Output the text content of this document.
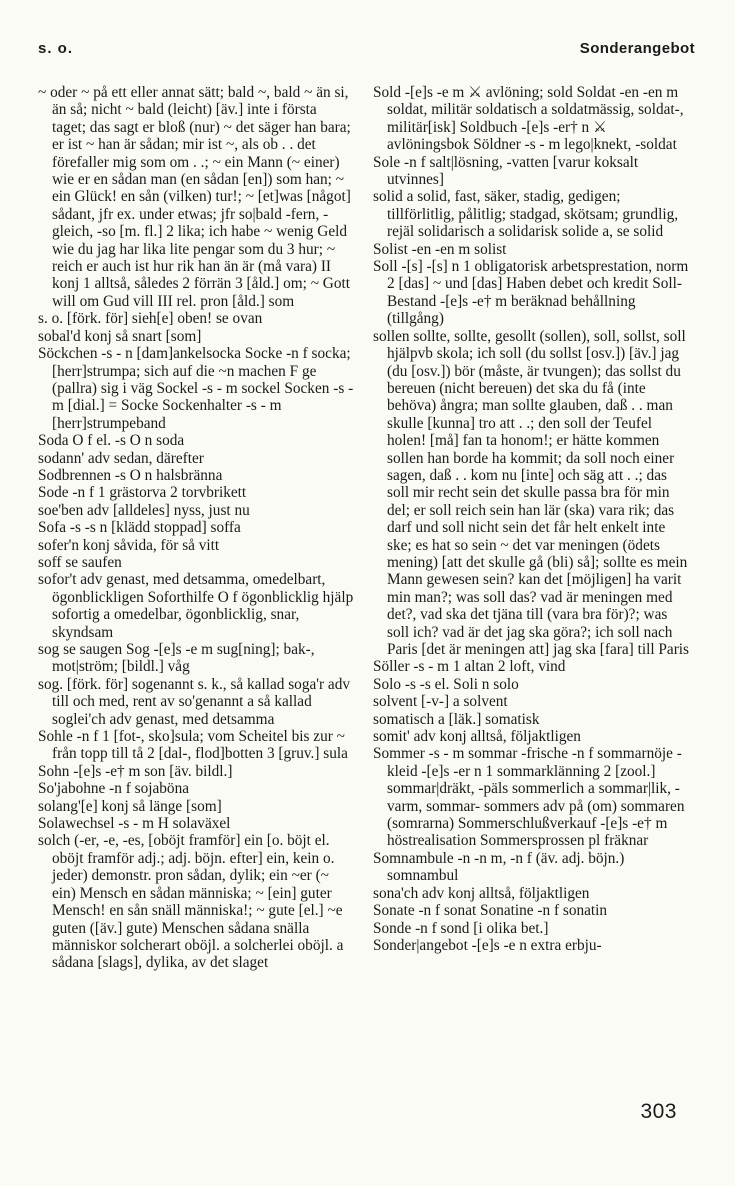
s. o.	Sonderangebot

~ oder ~ på ett eller annat sätt; bald ~, bald ~ än si, än så; nicht ~ bald (leicht) [äv.] inte i första taget; das sagt er bloß (nur) ~ det säger han bara; er ist ~ han är sådan; mir ist ~, als ob . . det förefaller mig som om . .; ~ ein Mann (~ einer) wie er en sådan man (en sådan [en]) som han; ~ ein Glück! en sån (vilken) tur!; ~ [et]was [något] sådant, jfr ex. under etwas; jfr so|bald -fern, -gleich, -so [m. fl.] 2 lika; ich habe ~ wenig Geld wie du jag har lika lite pengar som du 3 hur; ~ reich er auch ist hur rik han än är (må vara) II konj 1 alltså, således 2 förrän 3 [åld.] om; ~ Gott will om Gud vill III rel. pron [åld.] som

s. o. [förk. för] sieh[e] oben! se ovan

sobal'd konj så snart [som]

Söckchen -s - n [dam]ankelsocka Socke -n f socka; [herr]strumpa; sich auf die ~n machen F ge (pallra) sig i väg Sockel -s - m sockel Socken -s - m [dial.] = Socke Sockenhalter -s - m [herr]strumpeband

Soda O f el. -s O n soda

sodann' adv sedan, därefter

Sodbrennen -s O n halsbränna

Sode -n f 1 grästorva 2 torvbrikett

soe'ben adv [alldeles] nyss, just nu

Sofa -s -s n [klädd stoppad] soffa

sofer'n konj såvida, för så vitt

soff se saufen

sofor't adv genast, med detsamma, omedelbart, ögonblickligen Soforthilfe O f ögonblicklig hjälp sofortig a omedelbar, ögonblicklig, snar, skyndsam

sog se saugen Sog -[e]s -e m sug[ning]; bak-, mot|ström; [bildl.] våg

sog. [förk. för] sogenannt s. k., så kallad soga'r adv till och med, rent av so'genannt a så kallad soglei'ch adv genast, med detsamma

Sohle -n f 1 [fot-, sko]sula; vom Scheitel bis zur ~ från topp till tå 2 [dal-, flod]botten 3 [gruv.] sula

Sohn -[e]s -e† m son [äv. bildl.]

So'jabohne -n f sojaböna

solang'[e] konj så länge [som]

Solawechsel -s - m H solaväxel

solch (-er, -e, -es, [oböjt framför] ein [o. böjt el. oböjt framför adj.; adj. böjn. efter] ein, kein o. jeder) demonstr. pron sådan, dylik; ein ~er (~ ein) Mensch en sådan människa; ~ [ein] guter Mensch! en sån snäll människa!; ~ gute [el.] ~e guten ([äv.] gute) Menschen sådana snälla människor solcherart oböjl. a solcherlei oböjl. a sådana [slags], dylika, av det slaget

Sold -[e]s -e m ⚔ avlöning; sold Soldat -en -en m soldat, militär soldatisch a soldatmässig, soldat-, militär[isk] Soldbuch -[e]s -er† n ⚔ avlöningsbok Söldner -s - m lego|knekt, -soldat

Sole -n f salt|lösning, -vatten [varur koksalt utvinnes]

solid a solid, fast, säker, stadig, gedigen; tillförlitlig, pålitlig; stadgad, skötsam; grundlig, rejäl solidarisch a solidarisk solide a, se solid

Solist -en -en m solist

Soll -[s] -[s] n 1 obligatorisk arbetsprestation, norm 2 [das] ~ und [das] Haben debet och kredit Soll-Bestand -[e]s -e† m beräknad behållning (tillgång)

sollen sollte, sollte, gesollt (sollen), soll, sollst, soll hjälpvb skola; ich soll (du sollst [osv.]) [äv.] jag (du [osv.]) bör (måste, är tvungen); das sollst du bereuen (nicht bereuen) det ska du få (inte behöva) ångra; man sollte glauben, daß . . man skulle [kunna] tro att . .; den soll der Teufel holen! [må] fan ta honom!; er hätte kommen sollen han borde ha kommit; da soll noch einer sagen, daß . . kom nu [inte] och säg att . .; das soll mir recht sein det skulle passa bra för min del; er soll reich sein han lär (ska) vara rik; das darf und soll nicht sein det får helt enkelt inte ske; es hat so sein ~ det var meningen (ödets mening) [att det skulle gå (bli) så]; sollte es mein Mann gewesen sein? kan det [möjligen] ha varit min man?; was soll das? vad är meningen med det?, vad ska det tjäna till (vara bra för)?; was soll ich? vad är det jag ska göra?; ich soll nach Paris [det är meningen att] jag ska [fara] till Paris

Söller -s - m 1 altan 2 loft, vind

Solo -s -s el. Soli n solo

solvent [-v-] a solvent

somatisch a [läk.] somatisk

somit' adv konj alltså, följaktligen

Sommer -s - m sommar -frische -n f sommarnöje -kleid -[e]s -er n 1 sommarklänning 2 [zool.] sommar|dräkt, -päls sommerlich a sommar|lik, -varm, sommar- sommers adv på (om) sommaren (somrarna) Sommerschlußverkauf -[e]s -e† m höstrealisation Sommersprossen pl fräknar

Somnambule -n -n m, -n f (äv. adj. böjn.) somnambul

sona'ch adv konj alltså, följaktligen

Sonate -n f sonat Sonatine -n f sonatin

Sonde -n f sond [i olika bet.]

Sonder|angebot -[e]s -e n extra erbju-

303
